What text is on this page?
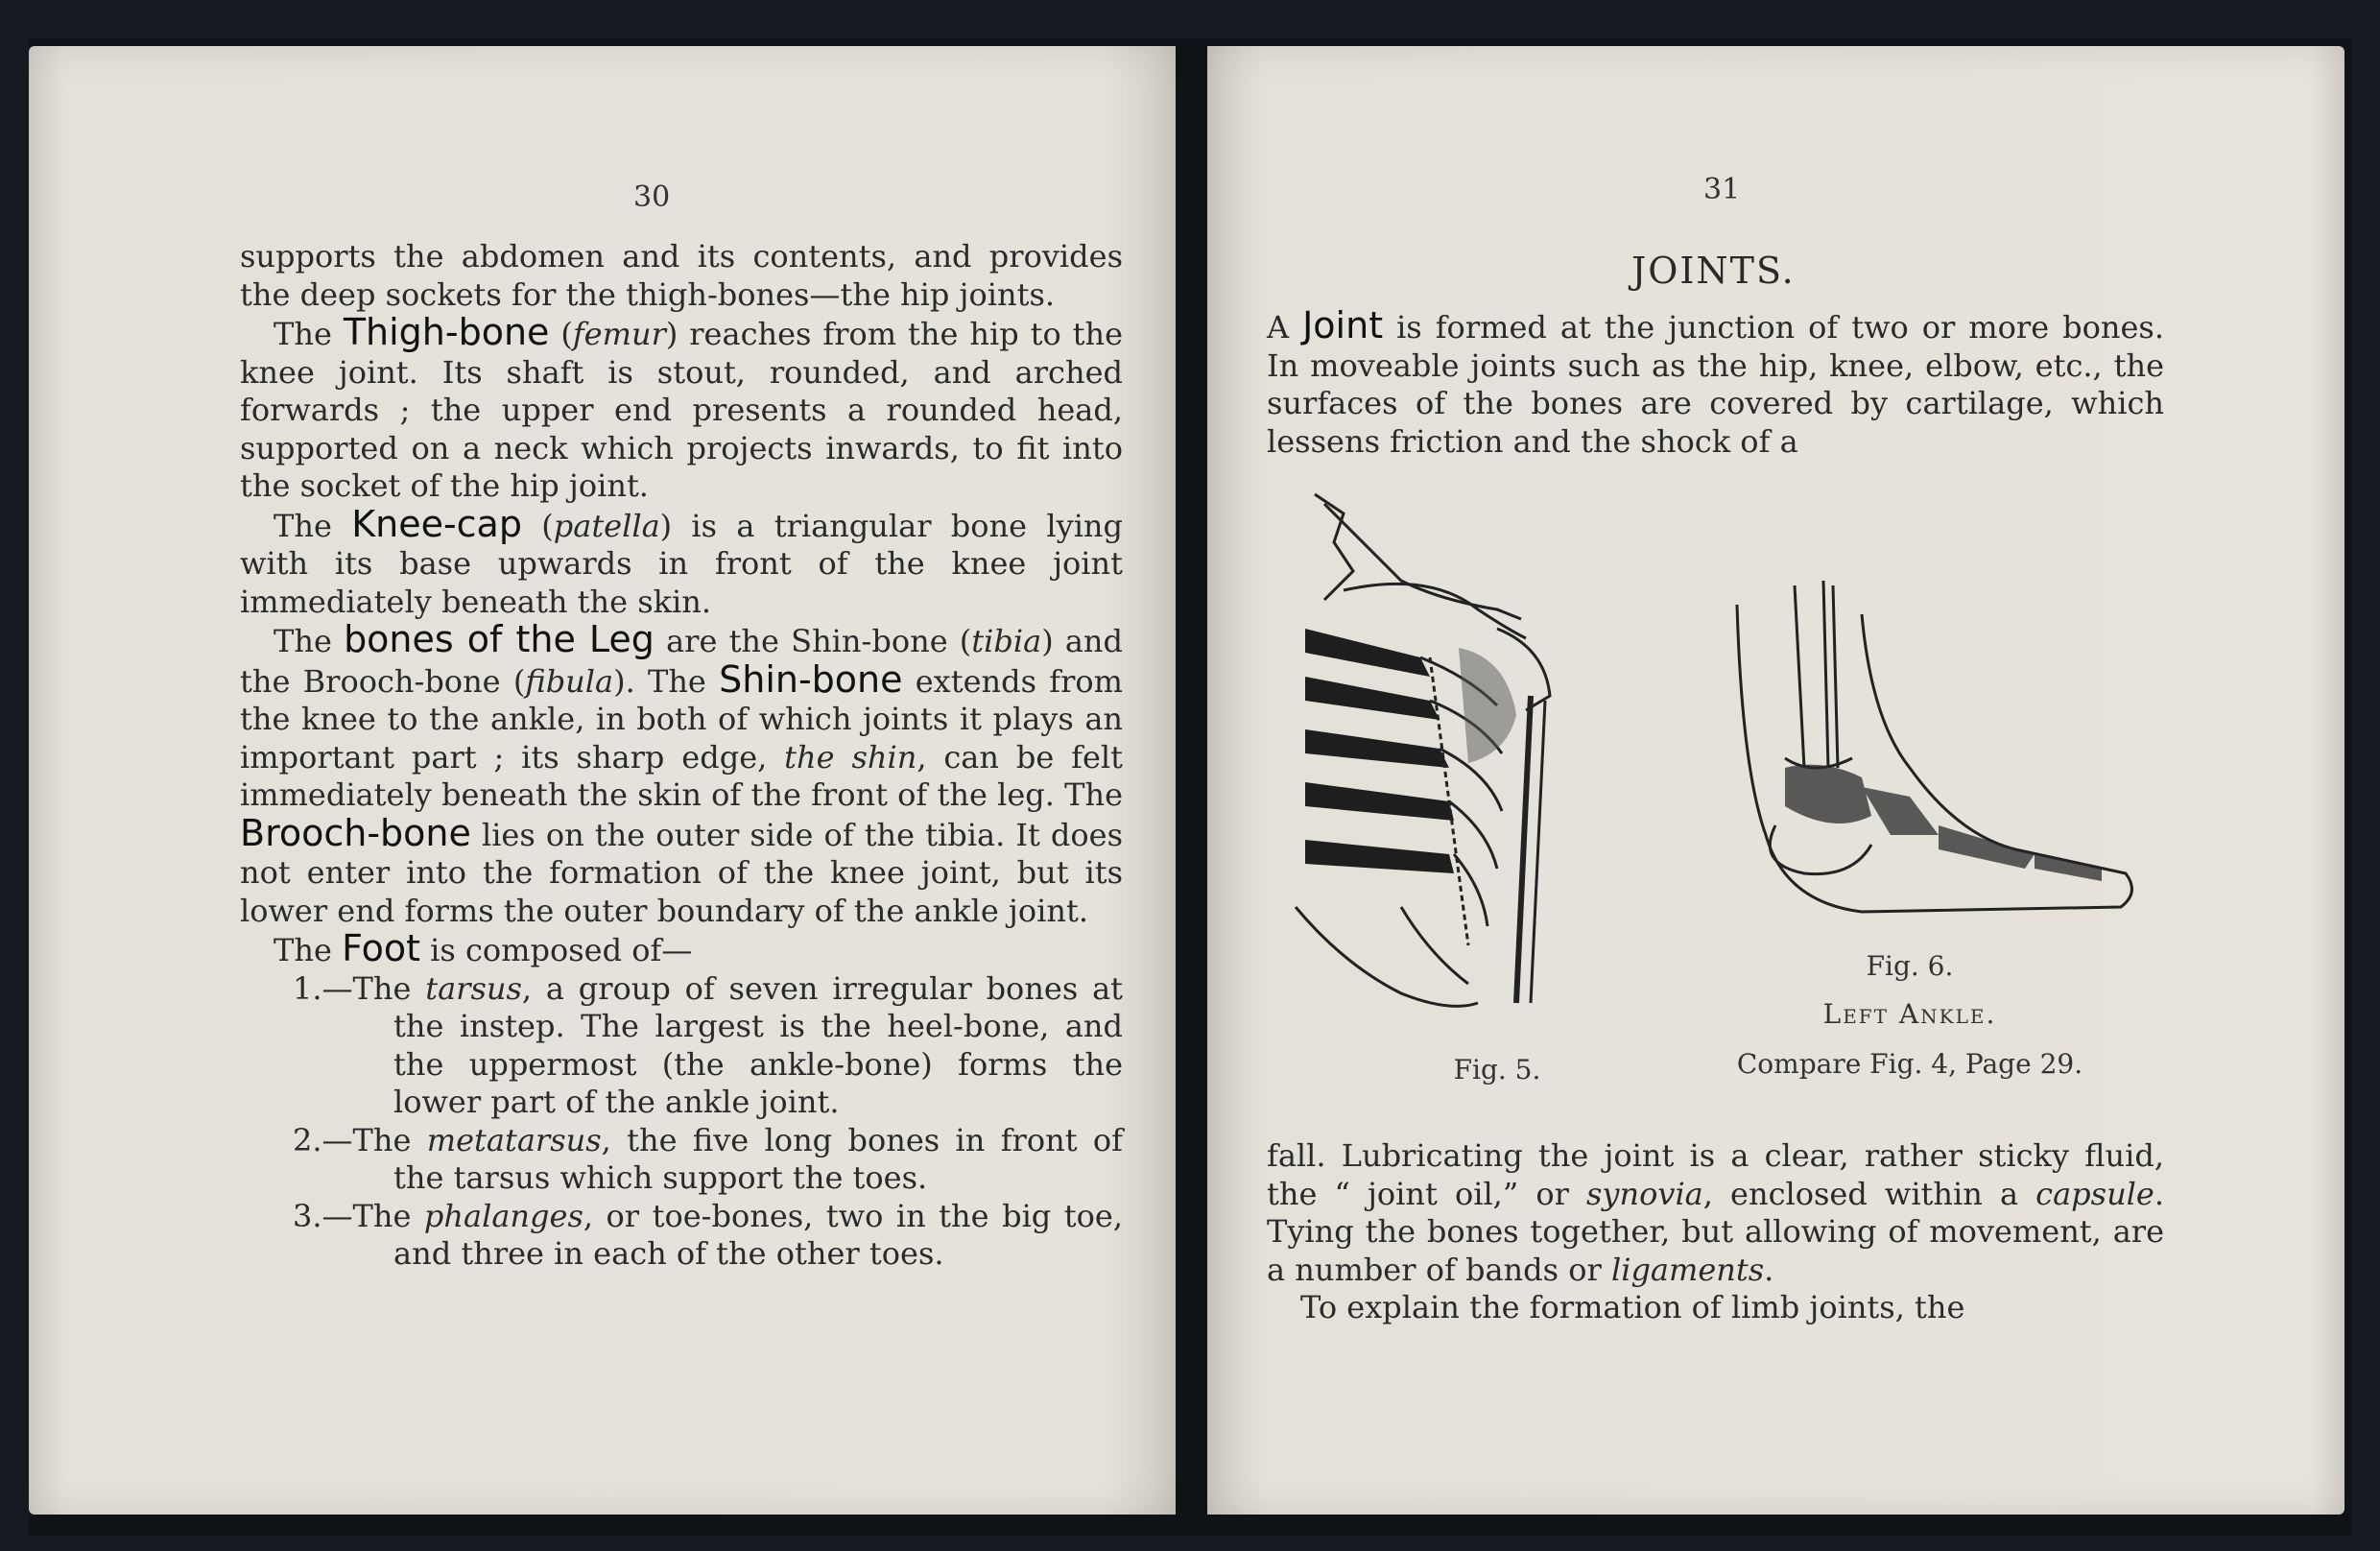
30

supports the abdomen and its contents, and provides the deep sockets for the thigh-bones—the hip joints.

The Thigh-bone (femur) reaches from the hip to the knee joint. Its shaft is stout, rounded, and arched forwards ; the upper end presents a rounded head, supported on a neck which projects inwards, to fit into the socket of the hip joint.

The Knee-cap (patella) is a triangular bone lying with its base upwards in front of the knee joint immediately beneath the skin.

The bones of the Leg are the Shin-bone (tibia) and the Brooch-bone (fibula). The Shin-bone extends from the knee to the ankle, in both of which joints it plays an important part ; its sharp edge, the shin, can be felt immediately beneath the skin of the front of the leg. The Brooch-bone lies on the outer side of the tibia. It does not enter into the formation of the knee joint, but its lower end forms the outer boundary of the ankle joint.

The Foot is composed of—

1.—The tarsus, a group of seven irregular bones at the instep. The largest is the heel-bone, and the uppermost (the ankle-bone) forms the lower part of the ankle joint.

2.—The metatarsus, the five long bones in front of the tarsus which support the toes.

3.—The phalanges, or toe-bones, two in the big toe, and three in each of the other toes.

31
JOINTS.
A Joint is formed at the junction of two or more bones. In moveable joints such as the hip, knee, elbow, etc., the surfaces of the bones are covered by cartilage, which lessens friction and the shock of a
Fig. 5.
Fig. 6.
Left Ankle.
Compare Fig. 4, Page 29.

fall. Lubricating the joint is a clear, rather sticky fluid, the “ joint oil,” or synovia, enclosed within a capsule. Tying the bones together, but allowing of movement, are a number of bands or ligaments.

To explain the formation of limb joints, the
